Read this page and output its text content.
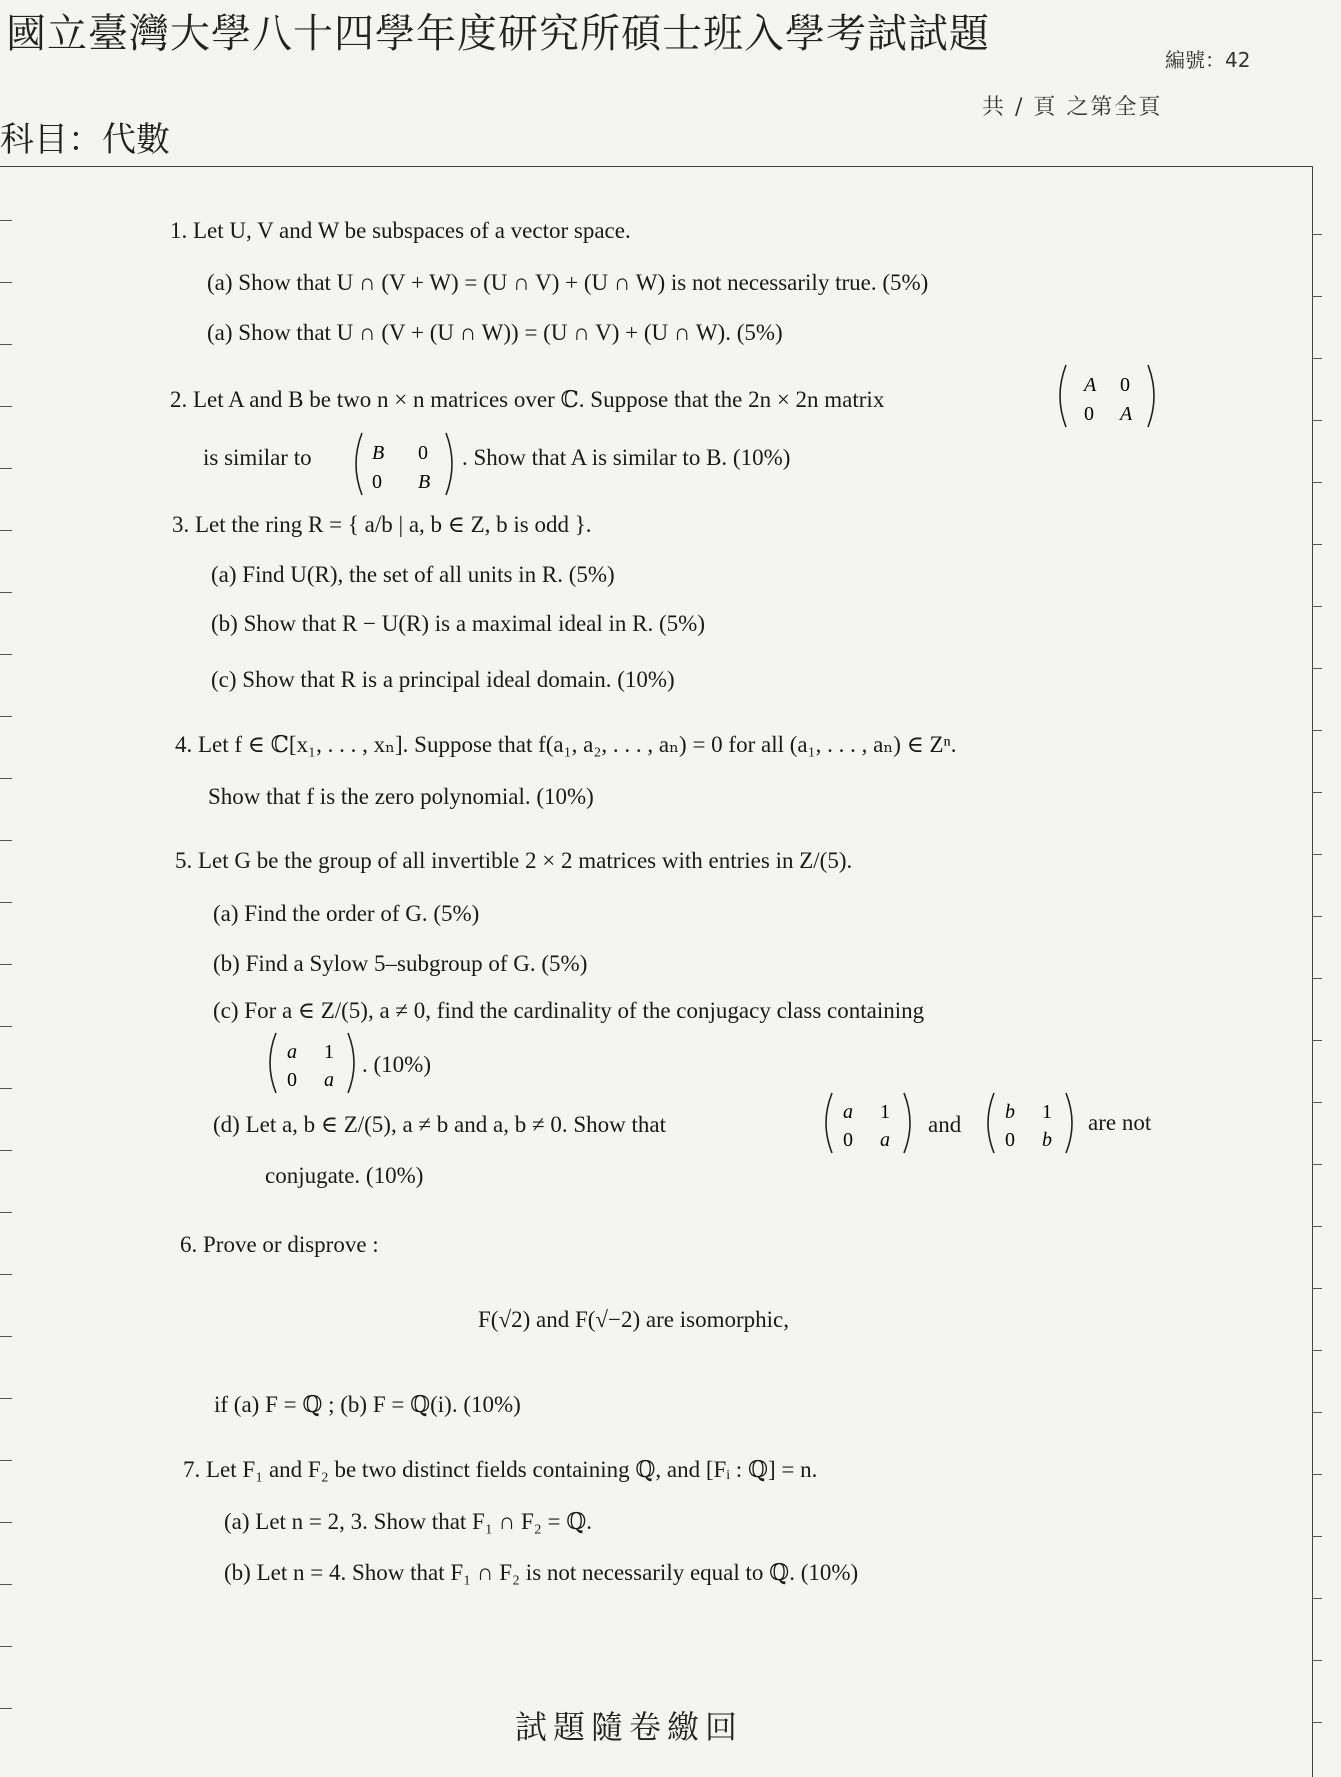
國立臺灣大學八十四學年度研究所碩士班入學考試試題
編號：42
科目：代數
共 / 頁 之第全頁
1. Let U, V and W be subspaces of a vector space.
(a) Show that U ∩ (V + W) = (U ∩ V) + (U ∩ W) is not necessarily true. (5%)
(a) Show that U ∩ (V + (U ∩ W)) = (U ∩ V) + (U ∩ W). (5%)
2. Let A and B be two n × n matrices over ℂ. Suppose that the 2n × 2n matrix
A 0
0 A
is similar to	B 0
0 B
. Show that A is similar to B. (10%)
3. Let the ring R = { a/b | a, b ∈ Z, b is odd }.
(a) Find U(R), the set of all units in R. (5%)
(b) Show that R − U(R) is a maximal ideal in R. (5%)
(c) Show that R is a principal ideal domain. (10%)
4. Let f ∈ ℂ[x₁, . . . , xₙ]. Suppose that f(a₁, a₂, . . . , aₙ) = 0 for all (a₁, . . . , aₙ) ∈ Zⁿ.
Show that f is the zero polynomial. (10%)
5. Let G be the group of all invertible 2 × 2 matrices with entries in Z/(5).
(a) Find the order of G. (5%)
(b) Find a Sylow 5–subgroup of G. (5%)
(c) For a ∈ Z/(5), a ≠ 0, find the cardinality of the conjugacy class containing
a 1
0 a
. (10%)
(d) Let a, b ∈ Z/(5), a ≠ b and a, b ≠ 0. Show that	a 1
0 a
and b 1
0 b
are not
conjugate. (10%)
6. Prove or disprove :
F(√2) and F(√−2) are isomorphic,
if (a) F = ℚ ; (b) F = ℚ(i). (10%)
7. Let F₁ and F₂ be two distinct fields containing ℚ, and [Fᵢ : ℚ] = n.
(a) Let n = 2, 3. Show that F₁ ∩ F₂ = ℚ.
(b) Let n = 4. Show that F₁ ∩ F₂ is not necessarily equal to ℚ. (10%)
試題隨卷繳回
